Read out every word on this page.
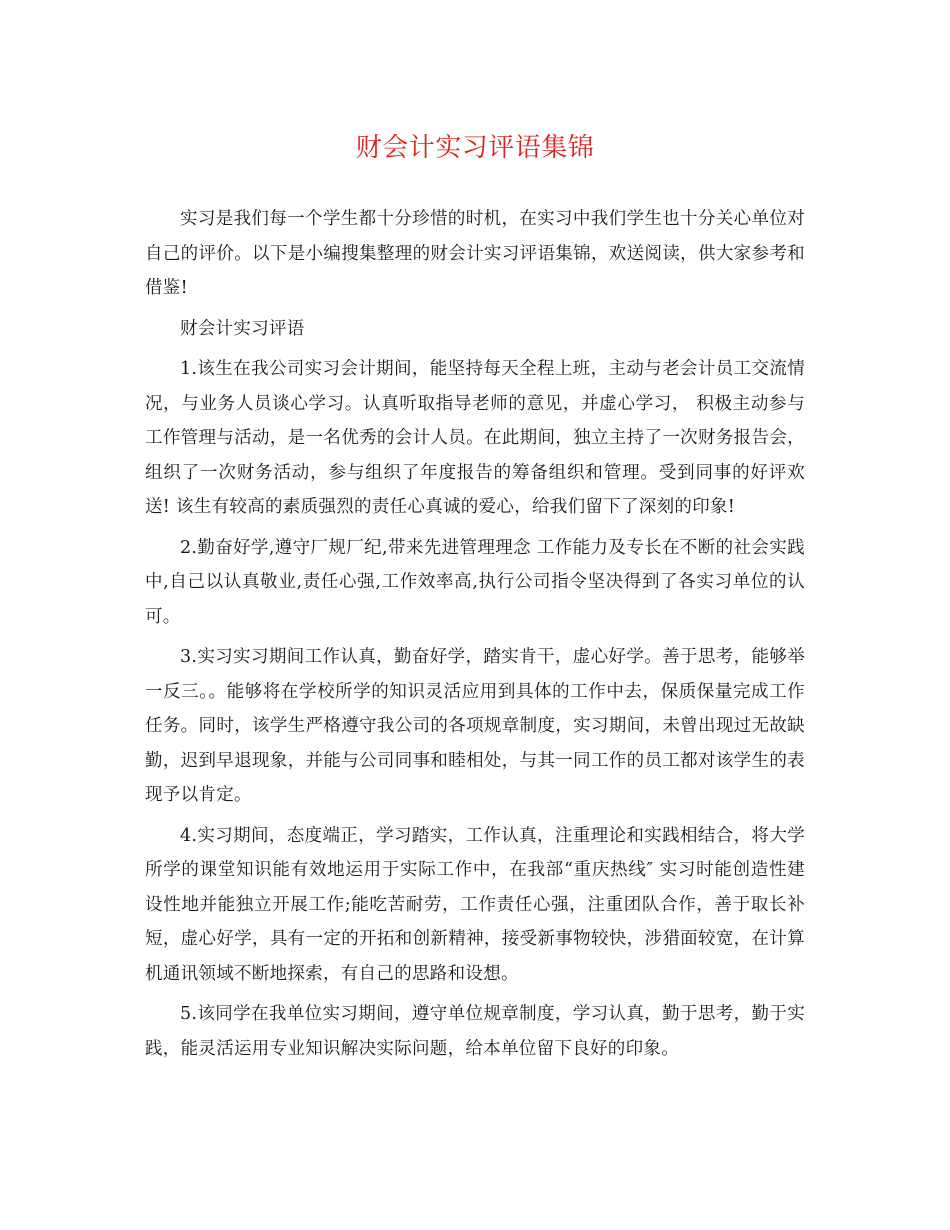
财会计实习评语集锦

实习是我们每一个学生都十分珍惜的时机，在实习中我们学生也十分关心单位对自己的评价。以下是小编搜集整理的财会计实习评语集锦，欢送阅读，供大家参考和借鉴!

财会计实习评语

1.该生在我公司实习会计期间，能坚持每天全程上班，主动与老会计员工交流情况，与业务人员谈心学习。认真听取指导老师的意见，并虚心学习， 积极主动参与工作管理与活动，是一名优秀的会计人员。在此期间，独立主持了一次财务报告会，组织了一次财务活动，参与组织了年度报告的筹备组织和管理。受到同事的好评欢送! 该生有较高的素质强烈的责任心真诚的爱心，给我们留下了深刻的印象!

2.勤奋好学,遵守厂规厂纪,带来先进管理理念 工作能力及专长在不断的社会实践中,自己以认真敬业,责任心强,工作效率高,执行公司指令坚决得到了各实习单位的认可。

3.实习实习期间工作认真，勤奋好学，踏实肯干，虚心好学。善于思考，能够举一反三。。能够将在学校所学的知识灵活应用到具体的工作中去，保质保量完成工作任务。同时，该学生严格遵守我公司的各项规章制度，实习期间，未曾出现过无故缺勤，迟到早退现象，并能与公司同事和睦相处，与其一同工作的员工都对该学生的表现予以肯定。

4.实习期间，态度端正，学习踏实，工作认真，注重理论和实践相结合，将大学所学的课堂知识能有效地运用于实际工作中，在我部“重庆热线″ 实习时能创造性建设性地并能独立开展工作;能吃苦耐劳，工作责任心强，注重团队合作，善于取长补短，虚心好学，具有一定的开拓和创新精神，接受新事物较快，涉猎面较宽，在计算机通讯领域不断地探索，有自己的思路和设想。

5.该同学在我单位实习期间，遵守单位规章制度，学习认真，勤于思考，勤于实践，能灵活运用专业知识解决实际问题，给本单位留下良好的印象。
